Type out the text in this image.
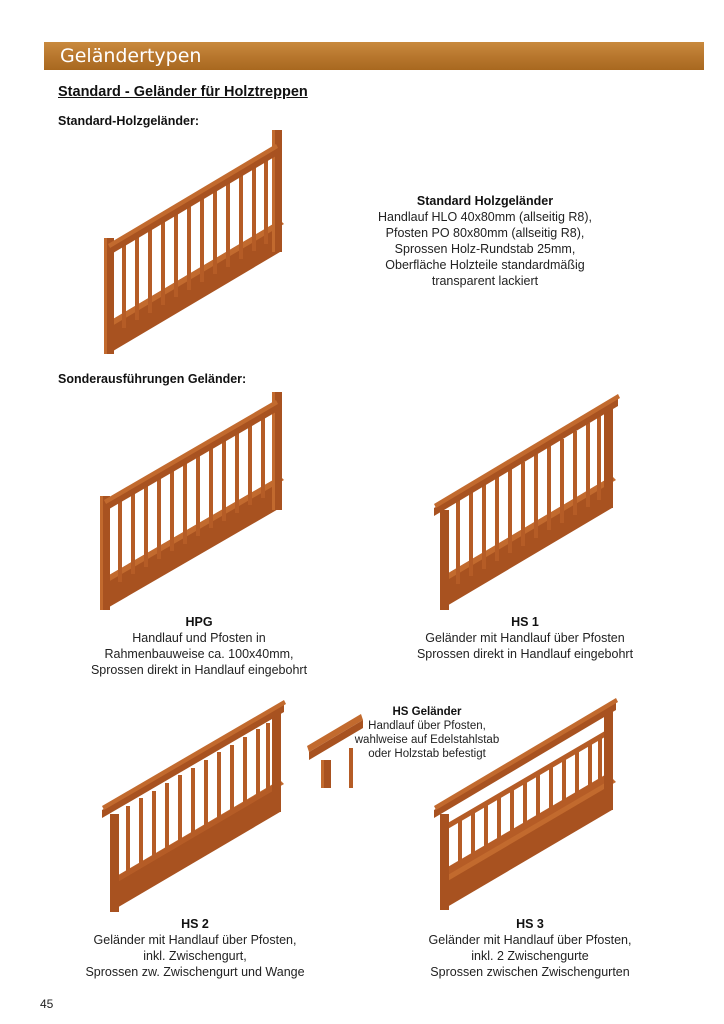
Geländertypen
Standard - Geländer für Holztreppen
Standard-Holzgeländer:
Sonderausführungen Geländer:
Standard Holzgeländer
Handlauf HLO 40x80mm (allseitig R8),
Pfosten PO 80x80mm (allseitig R8),
Sprossen Holz-Rundstab 25mm,
Oberfläche Holzteile standardmäßig
transparent lackiert
HPG
Handlauf und Pfosten in
Rahmenbauweise ca. 100x40mm,
Sprossen direkt in Handlauf eingebohrt
HS 1
Geländer mit Handlauf über Pfosten
Sprossen direkt in Handlauf eingebohrt
HS Geländer
Handlauf über Pfosten,
wahlweise auf Edelstahlstab
oder Holzstab befestigt
HS 2
Geländer mit Handlauf über Pfosten,
inkl. Zwischengurt,
Sprossen zw. Zwischengurt und Wange
HS 3
Geländer mit Handlauf über Pfosten,
inkl. 2 Zwischengurte
Sprossen zwischen Zwischengurten
45
